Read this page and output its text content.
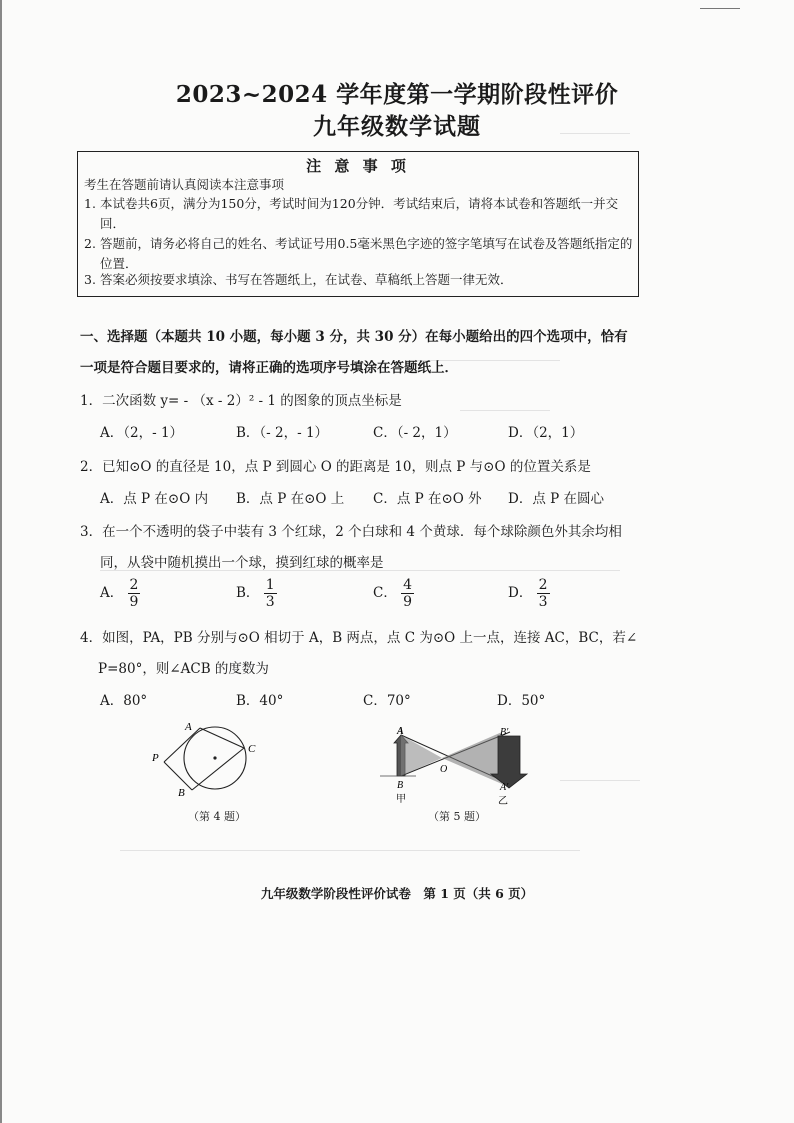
2023~2024 学年度第一学期阶段性评价
九年级数学试题
注 意 事 项
考生在答题前请认真阅读本注意事项
1. 本试卷共6页，满分为150分，考试时间为120分钟．考试结束后，请将本试卷和答题纸一并交回．
2. 答题前，请务必将自己的姓名、考试证号用0.5毫米黑色字迹的签字笔填写在试卷及答题纸指定的位置．
3. 答案必须按要求填涂、书写在答题纸上，在试卷、草稿纸上答题一律无效．
一、选择题（本题共 10 小题，每小题 3 分，共 30 分）在每小题给出的四个选项中，恰有
一项是符合题目要求的，请将正确的选项序号填涂在答题纸上．
1．二次函数 y= - （x - 2）² - 1 的图象的顶点坐标是
A．（2，- 1）	B．（- 2，- 1）	C．（- 2，1）	D．（2，1）
2．已知⊙O 的直径是 10，点 P 到圆心 O 的距离是 10，则点 P 与⊙O 的位置关系是
A．点 P 在⊙O 内 B．点 P 在⊙O 上 C．点 P 在⊙O 外 D．点 P 在圆心
3．在一个不透明的袋子中装有 3 个红球，2 个白球和 4 个黄球．每个球除颜色外其余均相
同，从袋中随机摸出一个球，摸到红球的概率是
A． $\frac{2}{9}$	B． $\frac{1}{3}$	C． $\frac{4}{9}$	D． $\frac{2}{3}$
4．如图，PA，PB 分别与⊙O 相切于 A，B 两点，点 C 为⊙O 上一点，连接 AC，BC，若∠
P=80°，则∠ACB 的度数为
A．80°	B．40°	C．70°	D．50°
A
P
C
B
（第 4 题）
A
B
O
B′
A′
甲	乙
（第 5 题）
九年级数学阶段性评价试卷　第 1 页（共 6 页）
